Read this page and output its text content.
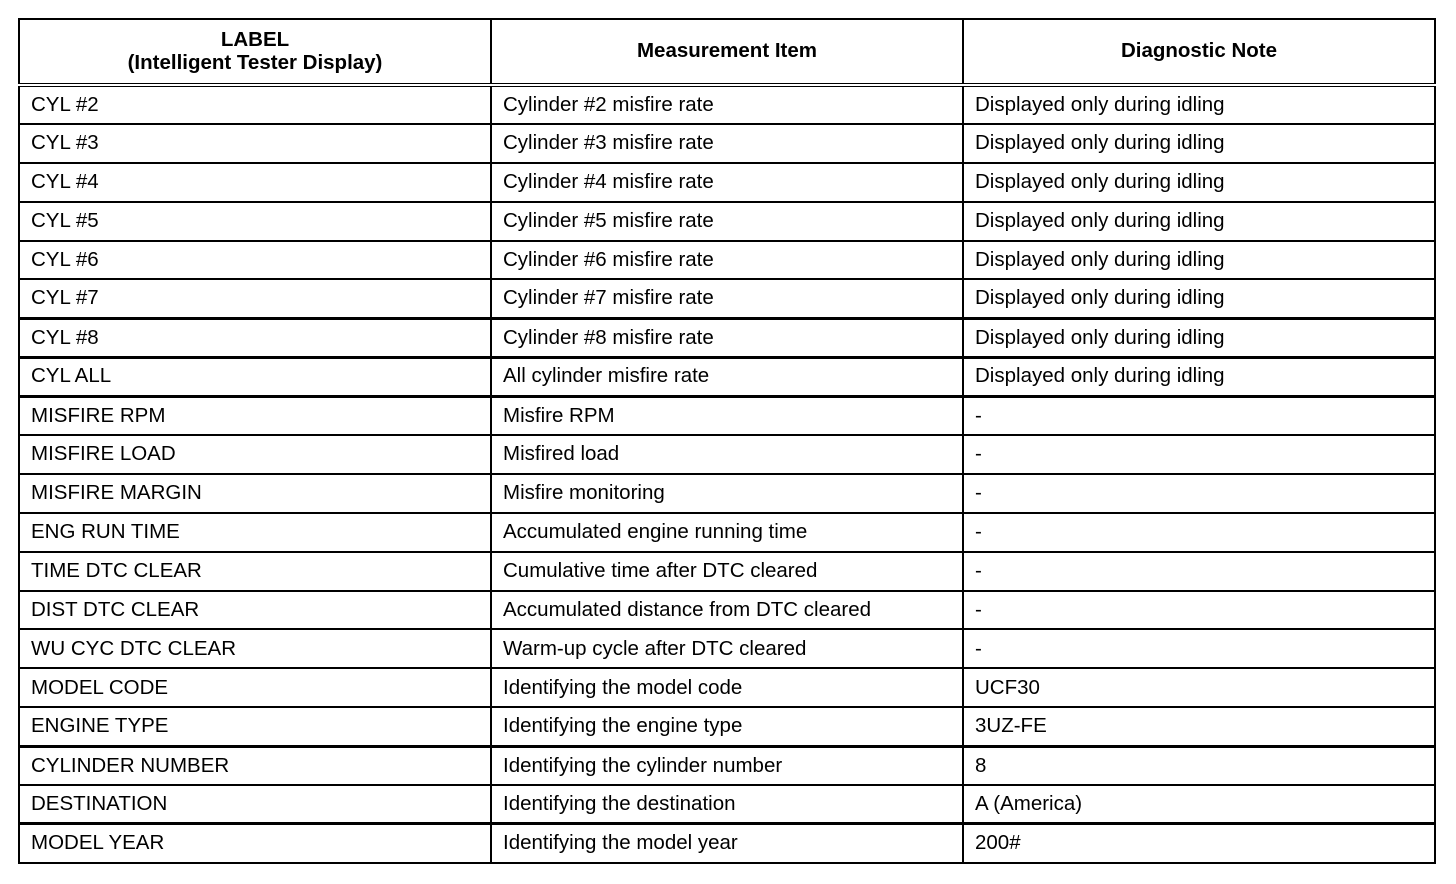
LABEL
(Intelligent Tester Display)	Measurement Item	Diagnostic Note
CYL #2	Cylinder #2 misfire rate	Displayed only during idling
CYL #3	Cylinder #3 misfire rate	Displayed only during idling
CYL #4	Cylinder #4 misfire rate	Displayed only during idling
CYL #5	Cylinder #5 misfire rate	Displayed only during idling
CYL #6	Cylinder #6 misfire rate	Displayed only during idling
CYL #7	Cylinder #7 misfire rate	Displayed only during idling
CYL #8	Cylinder #8 misfire rate	Displayed only during idling
CYL ALL	All cylinder misfire rate	Displayed only during idling
MISFIRE RPM	Misfire RPM	-
MISFIRE LOAD	Misfired load	-
MISFIRE MARGIN	Misfire monitoring	-
ENG RUN TIME	Accumulated engine running time	-
TIME DTC CLEAR	Cumulative time after DTC cleared	-
DIST DTC CLEAR	Accumulated distance from DTC cleared	-
WU CYC DTC CLEAR	Warm-up cycle after DTC cleared	-
MODEL CODE	Identifying the model code	UCF30
ENGINE TYPE	Identifying the engine type	3UZ-FE
CYLINDER NUMBER	Identifying the cylinder number	8
DESTINATION	Identifying the destination	A (America)
MODEL YEAR	Identifying the model year	200#
